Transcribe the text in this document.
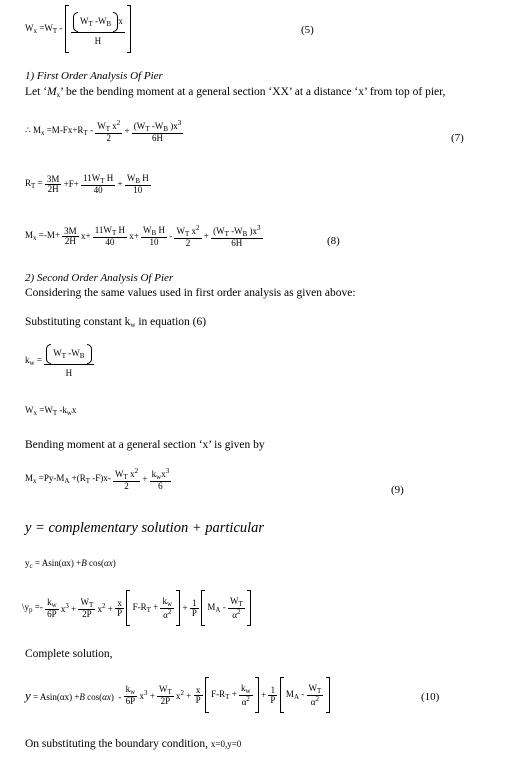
$W_x =W_T - \frac{W_T -W_B x}{H}$
	(5)
1) First Order Analysis Of Pier
Let ‘$M_x$’ be the bending moment at a general section ‘XX’ at a distance ‘x’ from top of pier,
∴ $M_x =M-Fx+R_T - \frac{W_T x^2}{2} + \frac{(W_T -W_B )x^3}{6H}$	(7)
$R_T = \frac{3M}{2H} +F+ \frac{11W_T H}{40} + \frac{W_B H}{10}$
$M_x =-M+ \frac{3M}{2H} x+ \frac{11W_T H}{40} x+ \frac{W_B H}{10} - \frac{W_T x^2}{2} + \frac{(W_T -W_B )x^3}{6H}$	(8)
2) Second Order Analysis Of Pier
Considering the same values used in first order analysis as given above:
Substituting constant $k_w$ in equation (6)
$k_w = \frac{W_T -W_B}{H}$
$W_x =W_T$ $-k_wx$
Bending moment at a general section ‘x’ is given by
$M_x =Py-M_A +(R_T$ $-F)x- \frac{W_T x^2}{2} + \frac{k_wx^3}{6}$	(9)
y = complementary solution + particular
$y_c = Asin(\alpha x) +B$ cos(αx)
$\backslash y_p =- \frac{k_w}{6P} x^3 + \frac{W_T}{2P} x^2 + \frac{x}{P} F-R_T + \frac{k_w}{\alpha^2} + \frac{1}{P} M_A - \frac{W_T}{\alpha^2}$

Complete solution,
y = Asin(αx) +B $\cos(\alpha x) - \frac{k_w}{6P} x^3 + \frac{W_T}{2P} x^2 + \frac{x}{P} F-R_T + \frac{k_w}{\alpha^2} + \frac{1}{P} M_A - \frac{W_T}{\alpha^2}$
	(10)
On substituting the boundary condition, x=0,y=0
